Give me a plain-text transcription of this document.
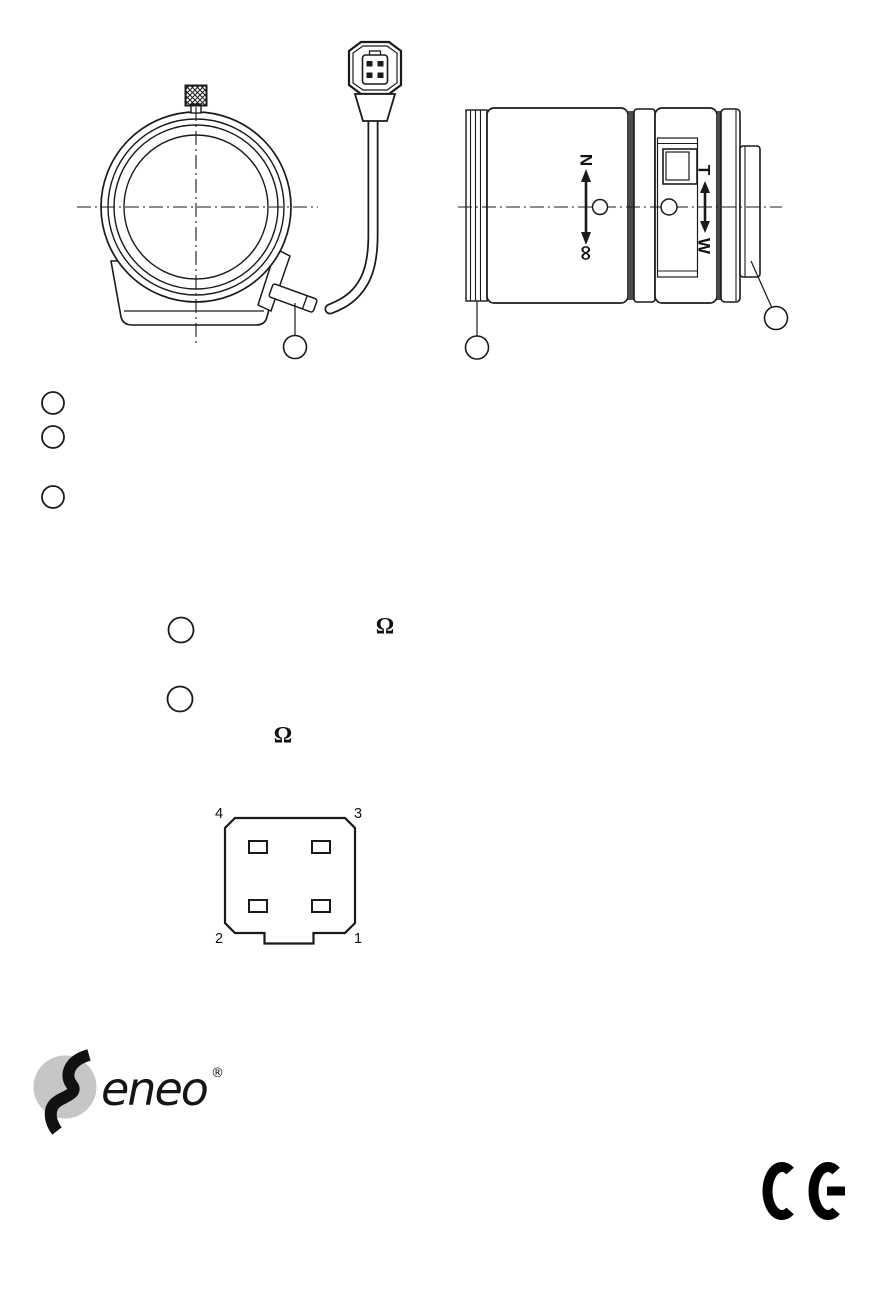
N
∞
T
W
Ω
Ω
4	3
2	1
eneo ®
